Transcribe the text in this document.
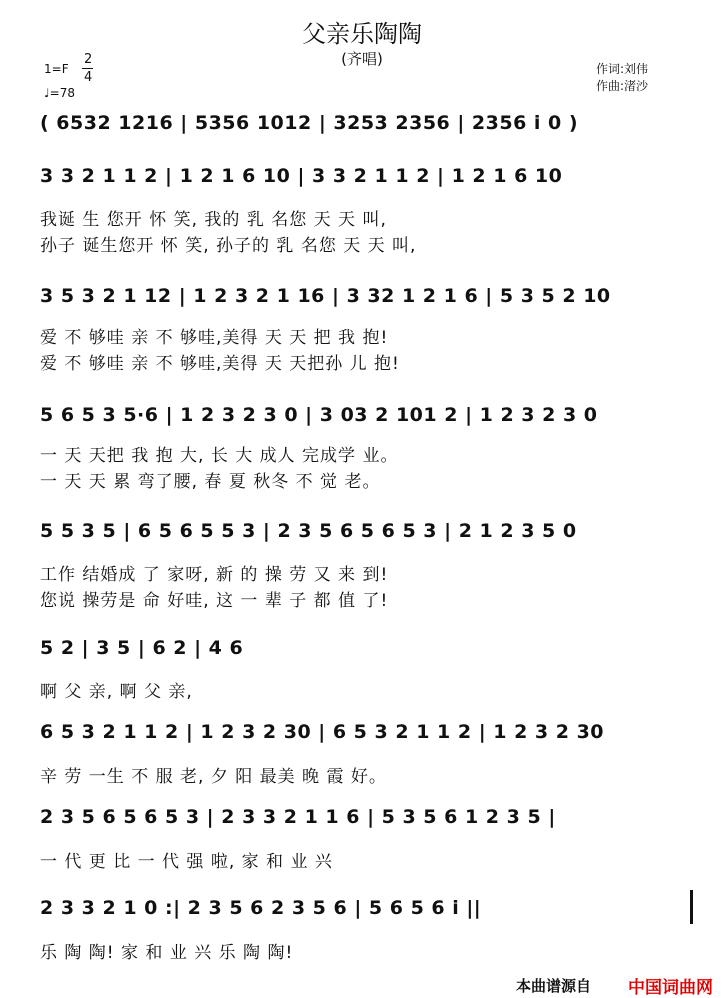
父亲乐陶陶
(齐唱)
1=F
2
4
♩=78
作词:刘伟
作曲:渚沙
( 6532 1216 | 5356 1012 | 3253 2356 | 2356 i 0 )
3 3 2 1 1 2 | 1 2 1 6 10 | 3 3 2 1 1 2 | 1 2 1 6 10
我诞 生 您开 怀 笑, 我的 乳 名您 天 天 叫,
孙子 诞生您开 怀 笑, 孙子的 乳 名您 天 天 叫,
3 5 3 2 1 12 | 1 2 3 2 1 16 | 3 32 1 2 1 6 | 5 3 5 2 10
爱 不 够哇 亲 不 够哇,美得 天 天 把 我 抱!
爱 不 够哇 亲 不 够哇,美得 天 天把孙 儿 抱!
5 6 5 3 5·6 | 1 2 3 2 3 0 | 3 03 2 101 2 | 1 2 3 2 3 0
一 天 天把 我 抱 大, 长 大 成人 完成学 业。
一 天 天 累 弯了腰, 春 夏 秋冬 不 觉 老。
5 5 3 5 | 6 5 6 5 5 3 | 2 3 5 6 5 6 5 3 | 2 1 2 3 5 0
工作 结婚成 了 家呀, 新 的 操 劳 又 来 到!
您说 操劳是 命 好哇, 这 一 辈 子 都 值 了!
5 2 | 3 5 | 6 2 | 4 6
啊 父 亲, 啊 父 亲,
6 5 3 2 1 1 2 | 1 2 3 2 30 | 6 5 3 2 1 1 2 | 1 2 3 2 30
辛 劳 一生 不 服 老, 夕 阳 最美 晚 霞 好。
2 3 5 6 5 6 5 3 | 2 3 3 2 1 1 6 | 5 3 5 6 1 2 3 5 |
一 代 更 比 一 代 强 啦, 家 和 业 兴
2 3 3 2 1 0 :| 2 3 5 6 2 3 5 6 | 5 6 5 6 i ||
乐 陶 陶! 家 和 业 兴 乐 陶 陶!
本曲谱源自 中国词曲网
